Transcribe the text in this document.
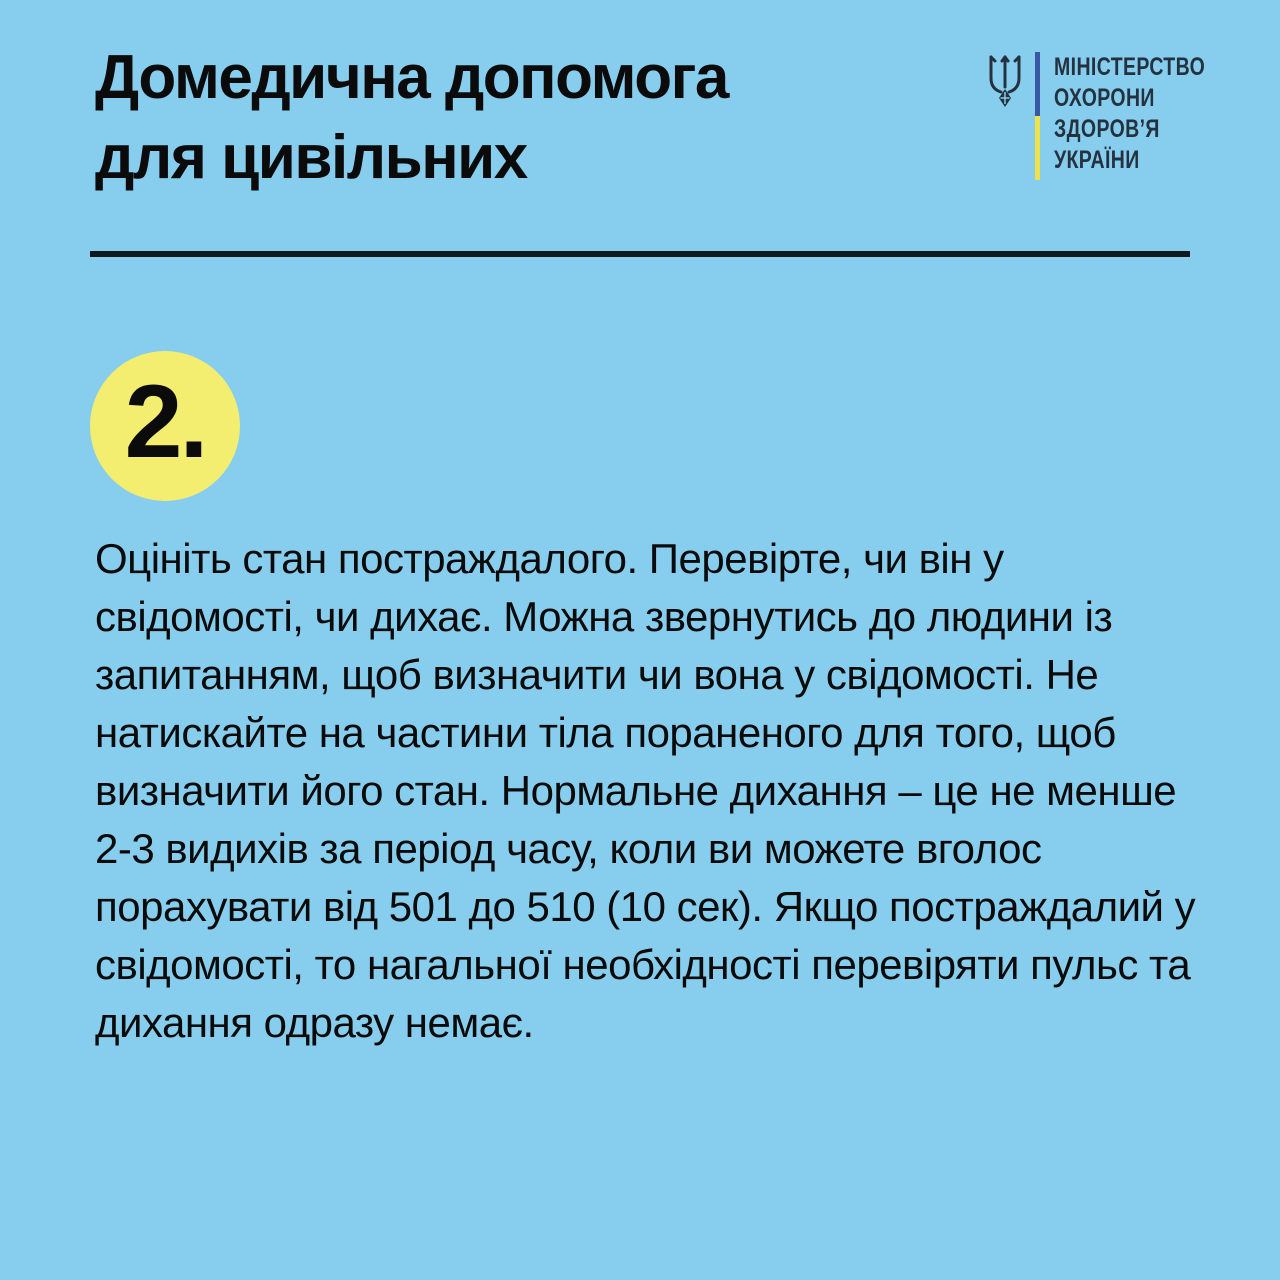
Домедична допомога
для цивільних
МІНІСТЕРСТВО
ОХОРОНИ
ЗДОРОВ’Я
УКРАЇНИ
2.
Оцініть стан постраждалого. Перевірте, чи він у свідомості, чи дихає. Можна звернутись до людини із запитанням, щоб визначити чи вона у свідомості. Не натискайте на частини тіла пораненого для того, щоб визначити його стан. Нормальне дихання – це не менше 2-3 видихів за період часу, коли ви можете вголос порахувати від 501 до 510 (10 сек). Якщо постраждалий у свідомості, то нагальної необхідності перевіряти пульс та дихання одразу немає.
